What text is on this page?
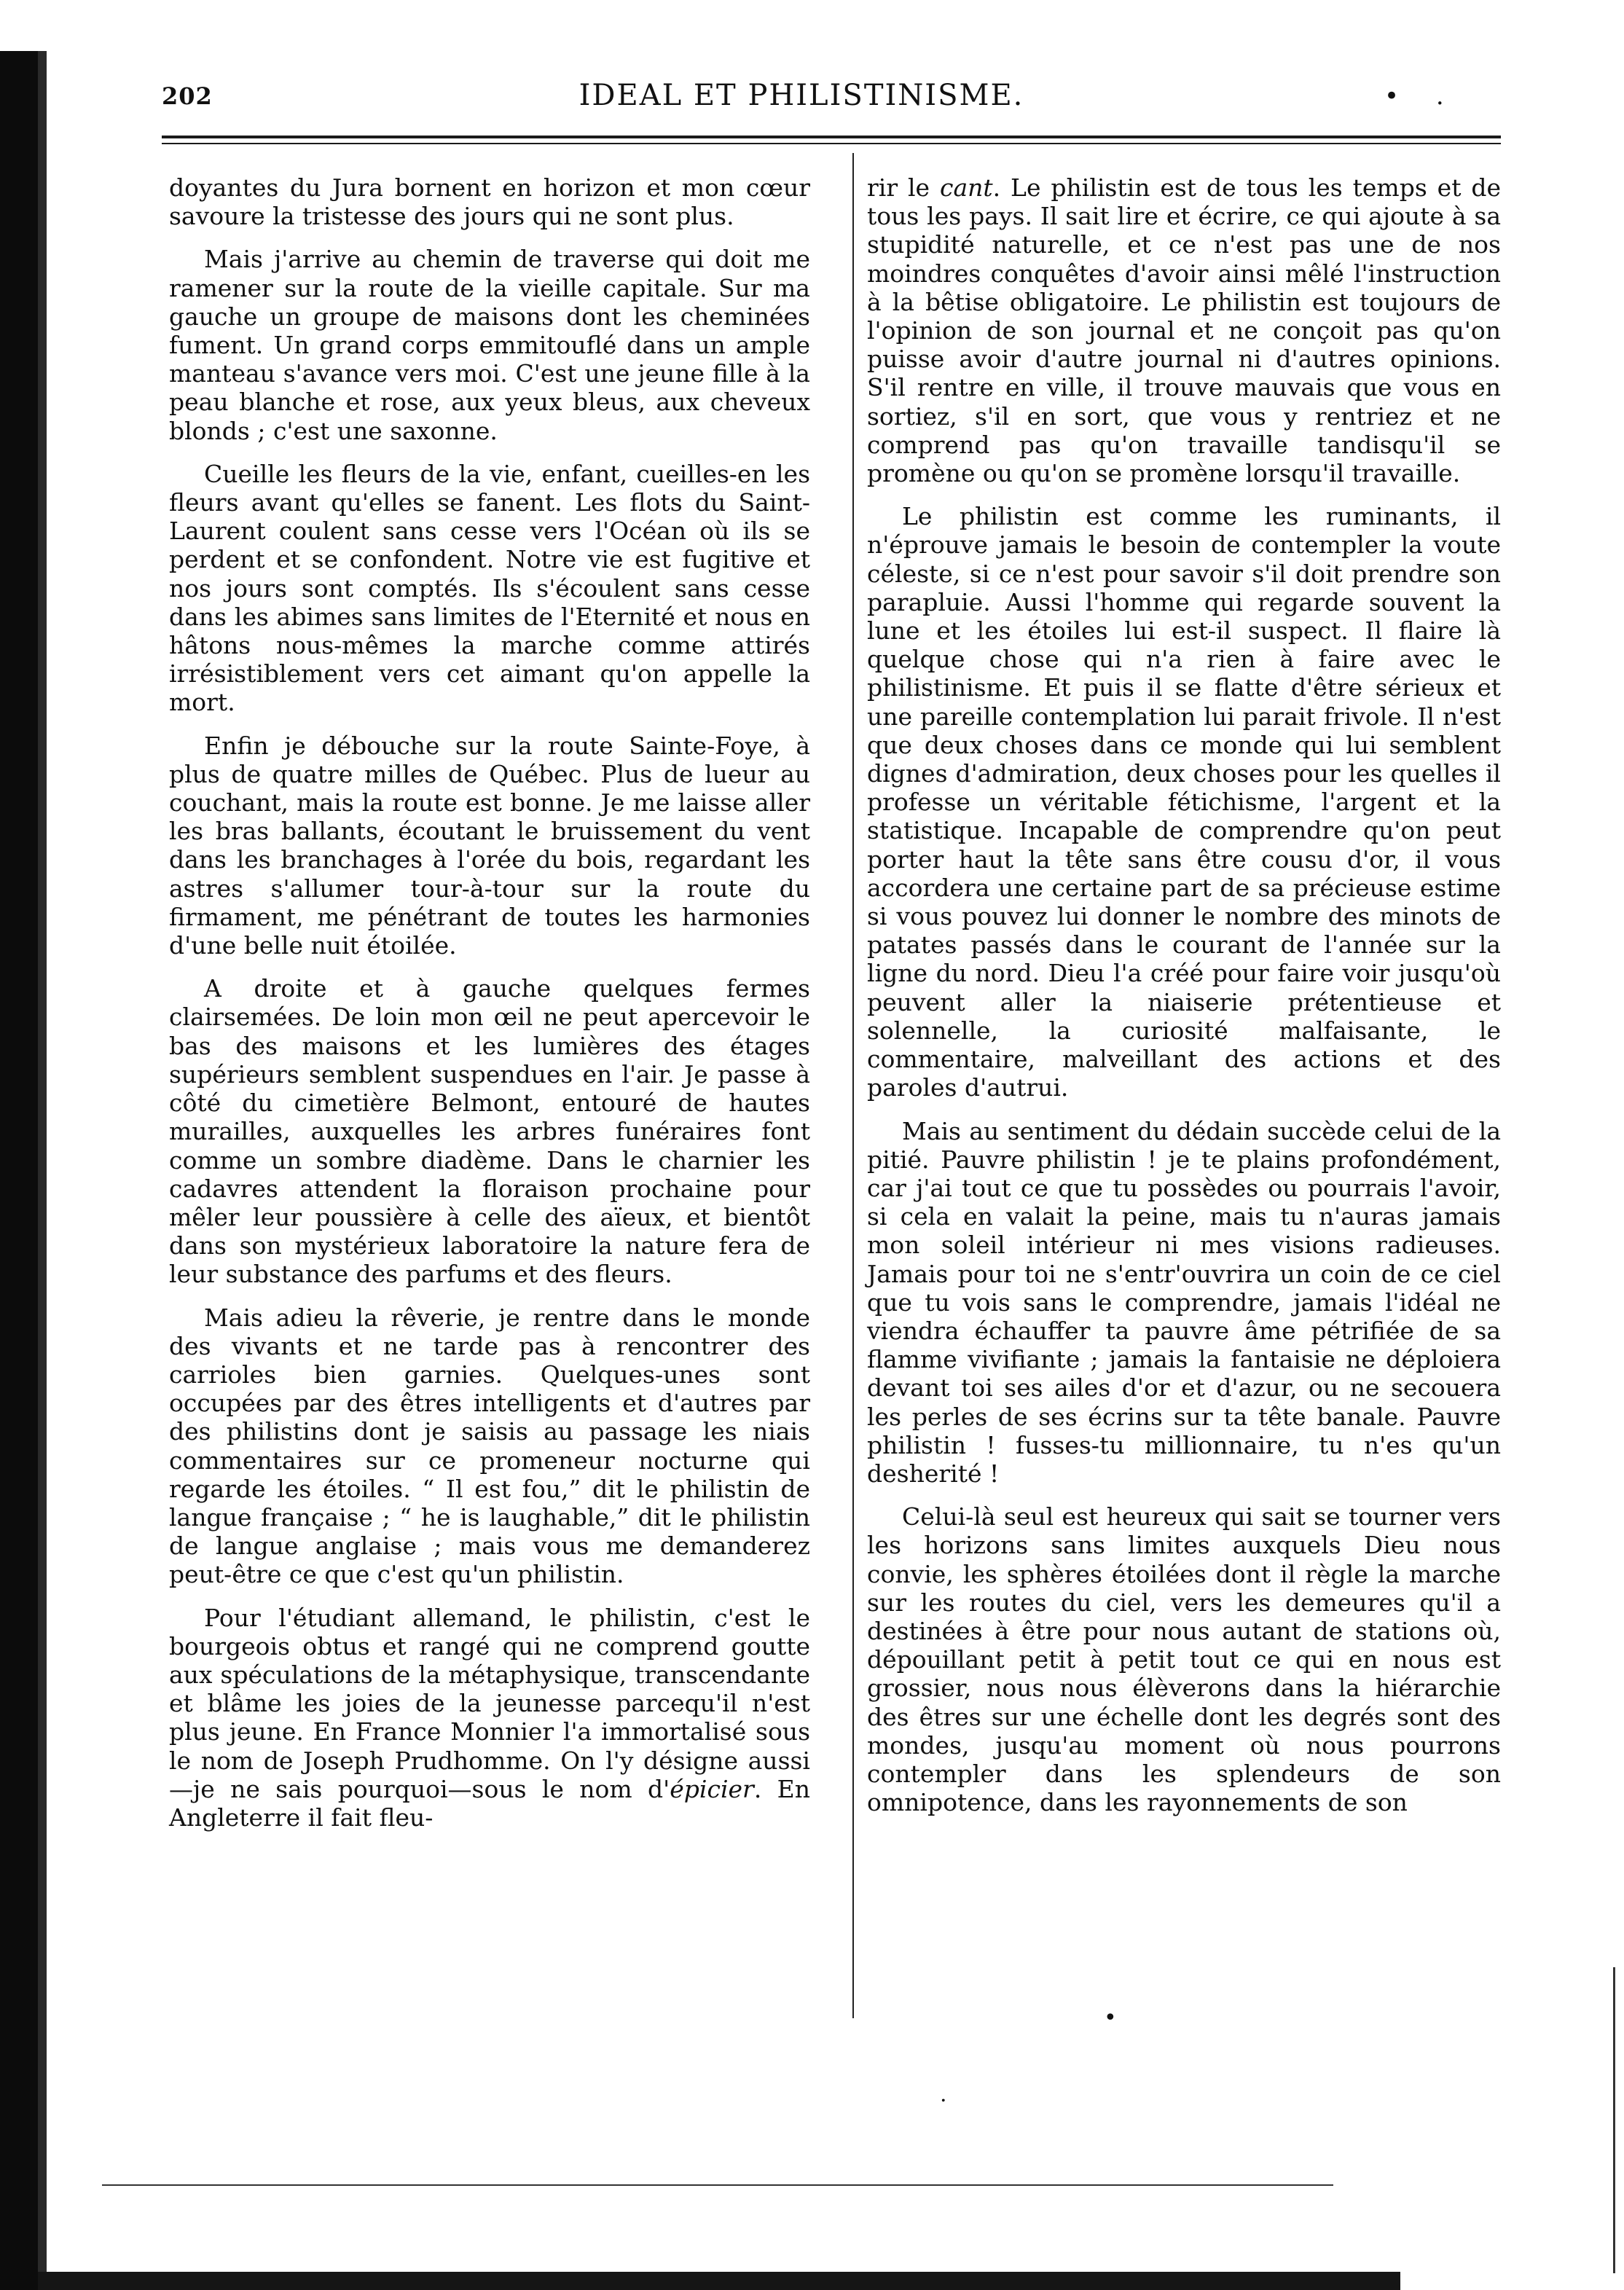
202	IDEAL ET PHILISTINISME.	• .

doyantes du Jura bornent en horizon et mon cœur savoure la tristesse des jours qui ne sont plus.

Mais j'arrive au chemin de traverse qui doit me ramener sur la route de la vieille capitale. Sur ma gauche un groupe de maisons dont les cheminées fument. Un grand corps emmitouflé dans un ample manteau s'avance vers moi. C'est une jeune fille à la peau blanche et rose, aux yeux bleus, aux cheveux blonds ; c'est une saxonne.

Cueille les fleurs de la vie, enfant, cueilles-en les fleurs avant qu'elles se fanent. Les flots du Saint-Laurent coulent sans cesse vers l'Océan où ils se perdent et se confondent. Notre vie est fugitive et nos jours sont comptés. Ils s'écoulent sans cesse dans les abimes sans limites de l'Eternité et nous en hâtons nous-mêmes la marche comme attirés irrésistiblement vers cet aimant qu'on appelle la mort.

Enfin je débouche sur la route Sainte-Foye, à plus de quatre milles de Québec. Plus de lueur au couchant, mais la route est bonne. Je me laisse aller les bras ballants, écoutant le bruissement du vent dans les branchages à l'orée du bois, regardant les astres s'allumer tour-à-tour sur la route du firmament, me pénétrant de toutes les harmonies d'une belle nuit étoilée.

A droite et à gauche quelques fermes clairsemées. De loin mon œil ne peut apercevoir le bas des maisons et les lumières des étages supérieurs semblent suspendues en l'air. Je passe à côté du cimetière Belmont, entouré de hautes murailles, auxquelles les arbres funéraires font comme un sombre diadème. Dans le charnier les cadavres attendent la floraison prochaine pour mêler leur poussière à celle des aïeux, et bientôt dans son mystérieux laboratoire la nature fera de leur substance des parfums et des fleurs.

Mais adieu la rêverie, je rentre dans le monde des vivants et ne tarde pas à rencontrer des carrioles bien garnies. Quelques-unes sont occupées par des êtres intelligents et d'autres par des philistins dont je saisis au passage les niais commentaires sur ce promeneur nocturne qui regarde les étoiles. “ Il est fou,” dit le philistin de langue française ; “ he is laughable,” dit le philistin de langue anglaise ; mais vous me demanderez peut-être ce que c'est qu'un philistin.

Pour l'étudiant allemand, le philistin, c'est le bourgeois obtus et rangé qui ne comprend goutte aux spéculations de la métaphysique, transcendante et blâme les joies de la jeunesse parcequ'il n'est plus jeune. En France Monnier l'a immortalisé sous le nom de Joseph Prudhomme. On l'y désigne aussi—je ne sais pourquoi—sous le nom d'épicier. En Angleterre il fait fleu-

rir le cant. Le philistin est de tous les temps et de tous les pays. Il sait lire et écrire, ce qui ajoute à sa stupidité naturelle, et ce n'est pas une de nos moindres conquêtes d'avoir ainsi mêlé l'instruction à la bêtise obligatoire. Le philistin est toujours de l'opinion de son journal et ne conçoit pas qu'on puisse avoir d'autre journal ni d'autres opinions. S'il rentre en ville, il trouve mauvais que vous en sortiez, s'il en sort, que vous y rentriez et ne comprend pas qu'on travaille tandisqu'il se promène ou qu'on se promène lorsqu'il travaille.

Le philistin est comme les ruminants, il n'éprouve jamais le besoin de contempler la voute céleste, si ce n'est pour savoir s'il doit prendre son parapluie. Aussi l'homme qui regarde souvent la lune et les étoiles lui est-il suspect. Il flaire là quelque chose qui n'a rien à faire avec le philistinisme. Et puis il se flatte d'être sérieux et une pareille contemplation lui parait frivole. Il n'est que deux choses dans ce monde qui lui semblent dignes d'admiration, deux choses pour les quelles il professe un véritable fétichisme, l'argent et la statistique. Incapable de comprendre qu'on peut porter haut la tête sans être cousu d'or, il vous accordera une certaine part de sa précieuse estime si vous pouvez lui donner le nombre des minots de patates passés dans le courant de l'année sur la ligne du nord. Dieu l'a créé pour faire voir jusqu'où peuvent aller la niaiserie prétentieuse et solennelle, la curiosité malfaisante, le commentaire, malveillant des actions et des paroles d'autrui.

Mais au sentiment du dédain succède celui de la pitié. Pauvre philistin ! je te plains profondément, car j'ai tout ce que tu possèdes ou pourrais l'avoir, si cela en valait la peine, mais tu n'auras jamais mon soleil intérieur ni mes visions radieuses. Jamais pour toi ne s'entr'ouvrira un coin de ce ciel que tu vois sans le comprendre, jamais l'idéal ne viendra échauffer ta pauvre âme pétrifiée de sa flamme vivifiante ; jamais la fantaisie ne déploiera devant toi ses ailes d'or et d'azur, ou ne secouera les perles de ses écrins sur ta tête banale. Pauvre philistin ! fusses-tu millionnaire, tu n'es qu'un desherité !

Celui-là seul est heureux qui sait se tourner vers les horizons sans limites auxquels Dieu nous convie, les sphères étoilées dont il règle la marche sur les routes du ciel, vers les demeures qu'il a destinées à être pour nous autant de stations où, dépouillant petit à petit tout ce qui en nous est grossier, nous nous élèverons dans la hiérarchie des êtres sur une échelle dont les degrés sont des mondes, jusqu'au moment où nous pourrons contempler dans les splendeurs de son omnipotence, dans les rayonnements de son

•
.
